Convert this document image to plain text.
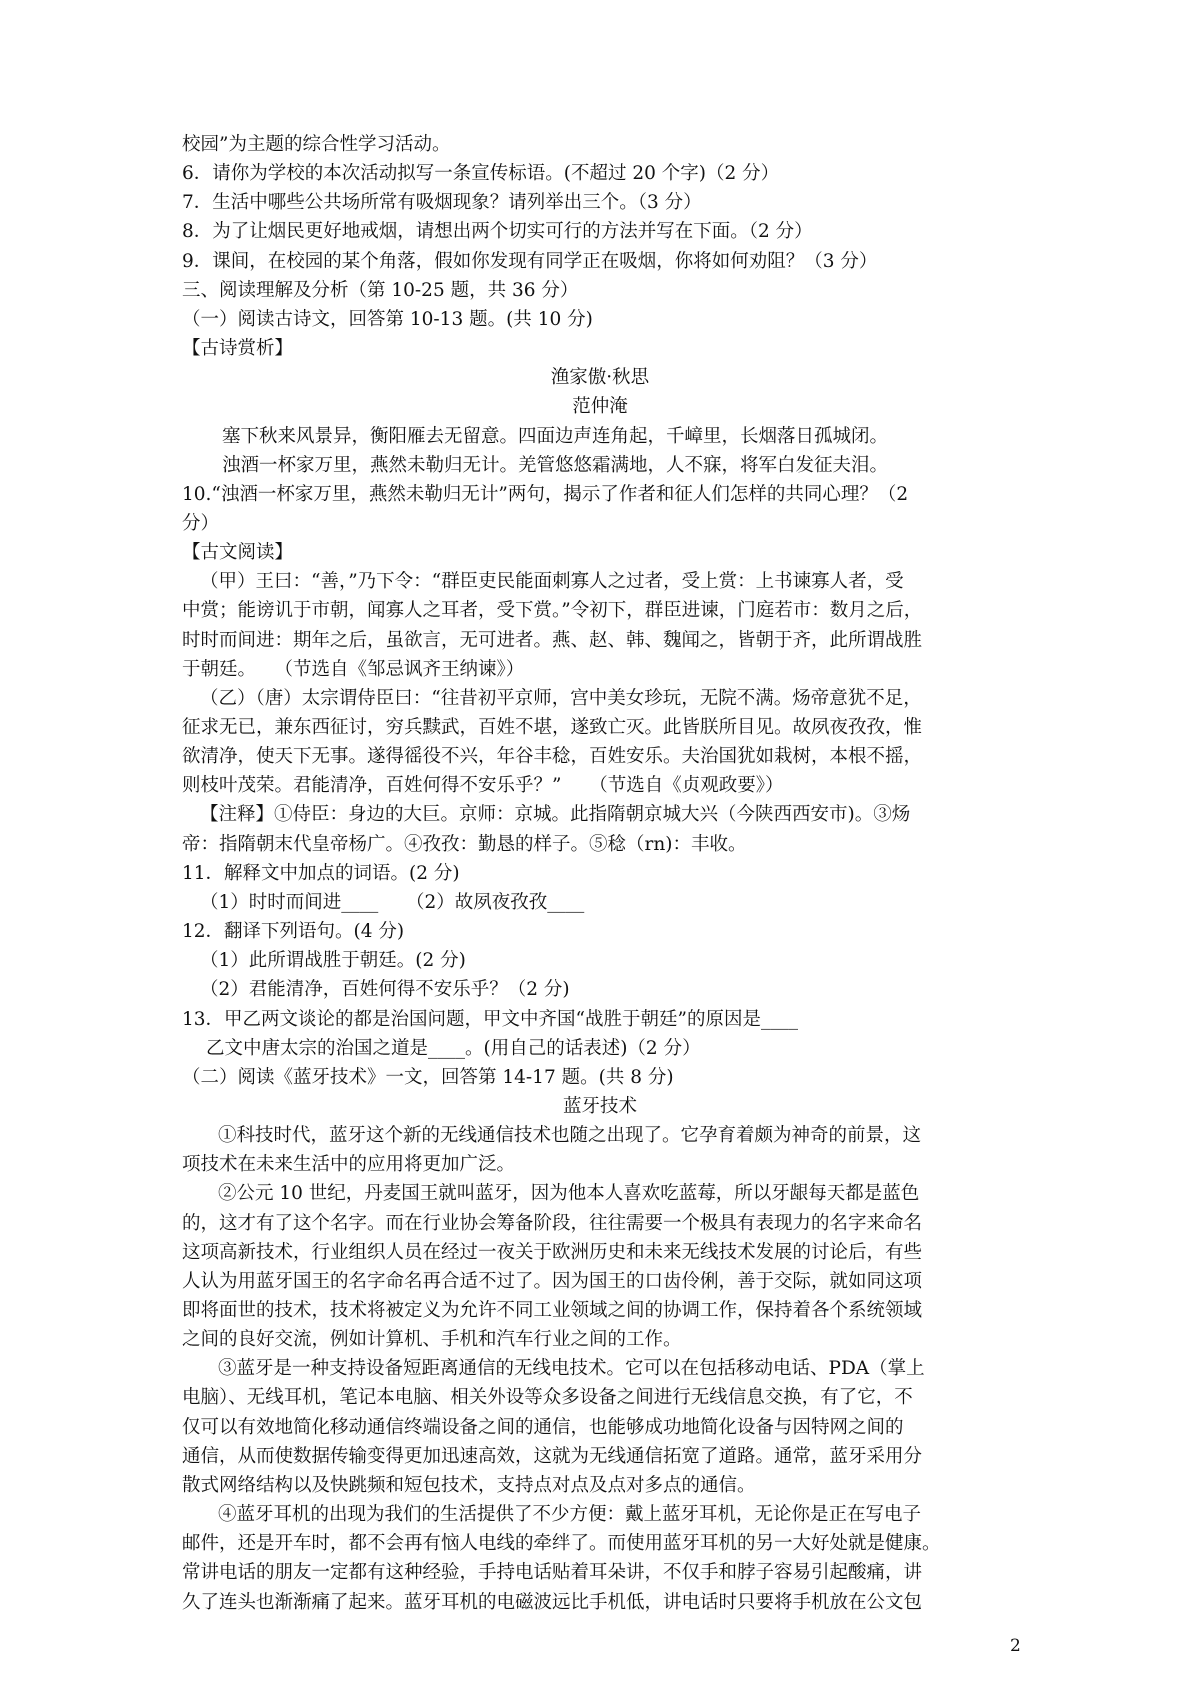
校园”为主题的综合性学习活动。
6．请你为学校的本次活动拟写一条宣传标语。(不超过 20 个字)（2 分）
7．生活中哪些公共场所常有吸烟现象？请列举出三个。（3 分）
8．为了让烟民更好地戒烟，请想出两个切实可行的方法并写在下面。（2 分）
9．课间，在校园的某个角落，假如你发现有同学正在吸烟，你将如何劝阻？（3 分）
三、阅读理解及分析（第 10-25 题，共 36 分）
（一）阅读古诗文，回答第 10-13 题。(共 10 分)
【古诗赏析】
渔家傲·秋思
范仲淹
塞下秋来风景异，衡阳雁去无留意。四面边声连角起，千嶂里，长烟落日孤城闭。
浊酒一杯家万里，燕然未勒归无计。羌管悠悠霜满地，人不寐，将军白发征夫泪。
10.“浊酒一杯家万里，燕然未勒归无计”两句，揭示了作者和征人们怎样的共同心理？（2
分）
【古文阅读】
（甲）王曰：“善，”乃下令：“群臣吏民能面刺寡人之过者，受上赏：上书谏寡人者，受
中赏；能谤讥于市朝，闻寡人之耳者，受下赏。”令初下，群臣进谏，门庭若市：数月之后，
时时而间进：期年之后，虽欲言，无可进者。燕、赵、韩、魏闻之，皆朝于齐，此所谓战胜
于朝廷。　　（节选自《邹忌讽齐王纳谏》）
（乙）（唐）太宗谓侍臣曰：“往昔初平京师，宫中美女珍玩，无院不满。炀帝意犹不足，
征求无已，兼东西征讨，穷兵黩武，百姓不堪，遂致亡灭。此皆朕所目见。故夙夜孜孜，惟
欲清净，使天下无事。遂得徭役不兴，年谷丰稔，百姓安乐。夫治国犹如栽树，本根不摇，
则枝叶茂荣。君能清净，百姓何得不安乐乎？”　　（节选自《贞观政要》）
【注释】①侍臣：身边的大巨。京师：京城。此指隋朝京城大兴（今陕西西安市)。③炀
帝：指隋朝末代皇帝杨广。④孜孜：勤恳的样子。⑤稔（rn)：丰收。
11．解释文中加点的词语。(2 分)
（1）时时而间进____　　（2）故夙夜孜孜____
12．翻译下列语句。(4 分)
（1）此所谓战胜于朝廷。(2 分)
（2）君能清净，百姓何得不安乐乎？（2 分)
13．甲乙两文谈论的都是治国问题，甲文中齐国“战胜于朝廷”的原因是____
乙文中唐太宗的治国之道是____。(用自己的话表述)（2 分）
（二）阅读《蓝牙技术》一文，回答第 14-17 题。(共 8 分)
蓝牙技术
①科技时代，蓝牙这个新的无线通信技术也随之出现了。它孕育着颇为神奇的前景，这
项技术在未来生活中的应用将更加广泛。
②公元 10 世纪，丹麦国王就叫蓝牙，因为他本人喜欢吃蓝莓，所以牙龈每天都是蓝色
的，这才有了这个名字。而在行业协会筹备阶段，往往需要一个极具有表现力的名字来命名
这项高新技术，行业组织人员在经过一夜关于欧洲历史和未来无线技术发展的讨论后，有些
人认为用蓝牙国王的名字命名再合适不过了。因为国王的口齿伶俐，善于交际，就如同这项
即将面世的技术，技术将被定义为允许不同工业领域之间的协调工作，保持着各个系统领域
之间的良好交流，例如计算机、手机和汽车行业之间的工作。
③蓝牙是一种支持设备短距离通信的无线电技术。它可以在包括移动电话、PDA（掌上
电脑）、无线耳机，笔记本电脑、相关外设等众多设备之间进行无线信息交换，有了它，不
仅可以有效地简化移动通信终端设备之间的通信，也能够成功地简化设备与因特网之间的
通信，从而使数据传输变得更加迅速高效，这就为无线通信拓宽了道路。通常，蓝牙采用分
散式网络结构以及快跳频和短包技术，支持点对点及点对多点的通信。
④蓝牙耳机的出现为我们的生活提供了不少方便：戴上蓝牙耳机，无论你是正在写电子
邮件，还是开车时，都不会再有恼人电线的牵绊了。而使用蓝牙耳机的另一大好处就是健康。
常讲电话的朋友一定都有这种经验，手持电话贴着耳朵讲，不仅手和脖子容易引起酸痛，讲
久了连头也渐渐痛了起来。蓝牙耳机的电磁波远比手机低，讲电话时只要将手机放在公文包
2
